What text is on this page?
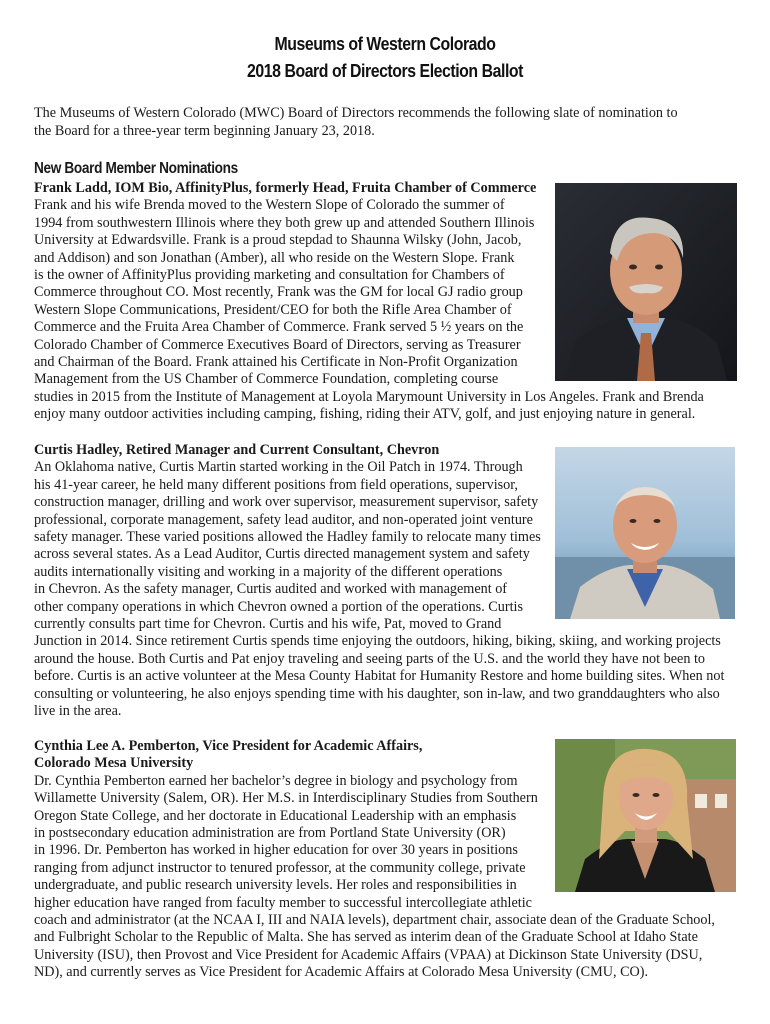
Museums of Western Colorado
2018 Board of Directors Election Ballot
The Museums of Western Colorado (MWC) Board of Directors recommends the following slate of nomination to
the Board for a three-year term beginning January 23, 2018.
New Board Member Nominations
Frank Ladd, IOM Bio, AffinityPlus, formerly Head, Fruita Chamber of Commerce
Frank and his wife Brenda moved to the Western Slope of Colorado the summer of
1994 from southwestern Illinois where they both grew up and attended Southern Illinois
University at Edwardsville. Frank is a proud stepdad to Shaunna Wilsky (John, Jacob,
and Addison) and son Jonathan (Amber), all who reside on the Western Slope. Frank
is the owner of AffinityPlus providing marketing and consultation for Chambers of
Commerce throughout CO. Most recently, Frank was the GM for local GJ radio group
Western Slope Communications, President/CEO for both the Rifle Area Chamber of
Commerce and the Fruita Area Chamber of Commerce. Frank served 5 ½ years on the
Colorado Chamber of Commerce Executives Board of Directors, serving as Treasurer
and Chairman of the Board. Frank attained his Certificate in Non-Profit Organization
Management from the US Chamber of Commerce Foundation, completing course
studies in 2015 from the Institute of Management at Loyola Marymount University in Los Angeles. Frank and Brenda
enjoy many outdoor activities including camping, fishing, riding their ATV, golf, and just enjoying nature in general.
Curtis Hadley, Retired Manager and Current Consultant, Chevron
An Oklahoma native, Curtis Martin started working in the Oil Patch in 1974. Through
his 41-year career, he held many different positions from field operations, supervisor,
construction manager, drilling and work over supervisor, measurement supervisor, safety
professional, corporate management, safety lead auditor, and non-operated joint venture
safety manager. These varied positions allowed the Hadley family to relocate many times
across several states. As a Lead Auditor, Curtis directed management system and safety
audits internationally visiting and working in a majority of the different operations
in Chevron. As the safety manager, Curtis audited and worked with management of
other company operations in which Chevron owned a portion of the operations. Curtis
currently consults part time for Chevron. Curtis and his wife, Pat, moved to Grand
Junction in 2014. Since retirement Curtis spends time enjoying the outdoors, hiking, biking, skiing, and working projects
around the house. Both Curtis and Pat enjoy traveling and seeing parts of the U.S. and the world they have not been to
before. Curtis is an active volunteer at the Mesa County Habitat for Humanity Restore and home building sites. When not
consulting or volunteering, he also enjoys spending time with his daughter, son in-law, and two granddaughters who also
live in the area.
Cynthia Lee A. Pemberton, Vice President for Academic Affairs,
Colorado Mesa University
Dr. Cynthia Pemberton earned her bachelor’s degree in biology and psychology from
Willamette University (Salem, OR). Her M.S. in Interdisciplinary Studies from Southern
Oregon State College, and her doctorate in Educational Leadership with an emphasis
in postsecondary education administration are from Portland State University (OR)
in 1996. Dr. Pemberton has worked in higher education for over 30 years in positions
ranging from adjunct instructor to tenured professor, at the community college, private
undergraduate, and public research university levels. Her roles and responsibilities in
higher education have ranged from faculty member to successful intercollegiate athletic
coach and administrator (at the NCAA I, III and NAIA levels), department chair, associate dean of the Graduate School,
and Fulbright Scholar to the Republic of Malta. She has served as interim dean of the Graduate School at Idaho State
University (ISU), then Provost and Vice President for Academic Affairs (VPAA) at Dickinson State University (DSU,
ND), and currently serves as Vice President for Academic Affairs at Colorado Mesa University (CMU, CO).
